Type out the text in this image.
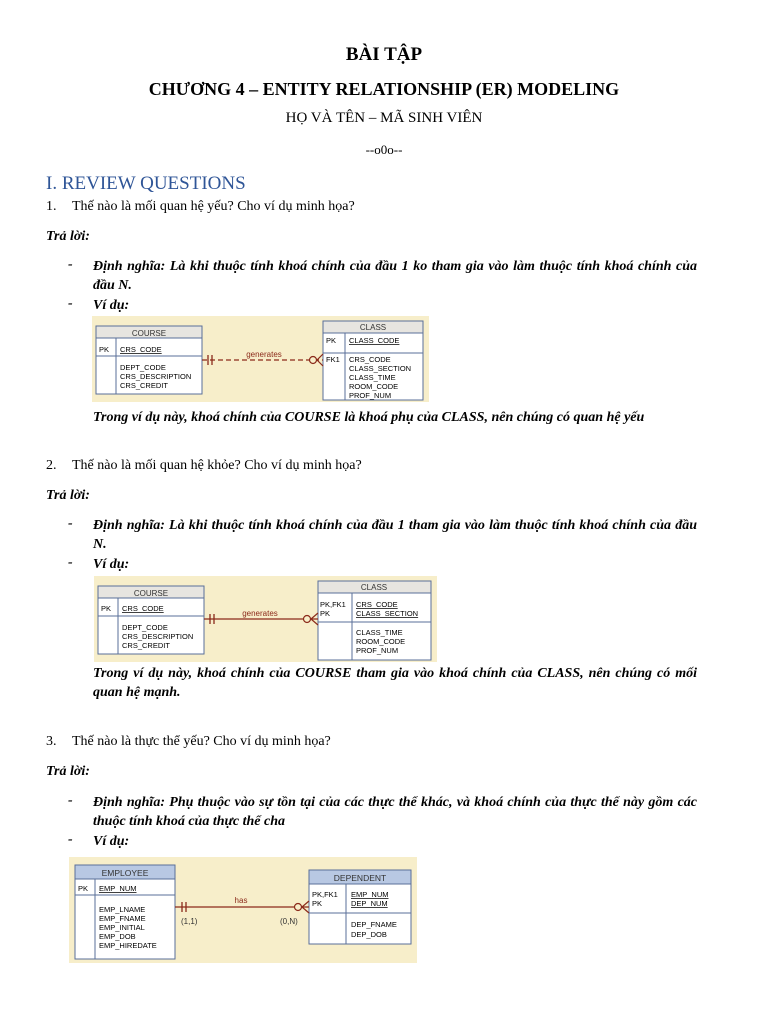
BÀI TẬP
CHƯƠNG 4 – ENTITY RELATIONSHIP (ER) MODELING
HỌ VÀ TÊN – MÃ SINH VIÊN
--o0o--
I. REVIEW QUESTIONS
1. Thế nào là mối quan hệ yếu? Cho ví dụ minh họa?
Trả lời:
- Định nghĩa: Là khi thuộc tính khoá chính của đầu 1 ko tham gia vào làm thuộc tính khoá chính của đầu N.
- Ví dụ:
COURSE
PK CRS_CODE
DEPT_CODE
CRS_DESCRIPTION
CRS_CREDIT
CLASS
PK CLASS_CODE
FK1 CRS_CODE
CLASS_SECTION
CLASS_TIME
ROOM_CODE
PROF_NUM
generates
Trong ví dụ này, khoá chính của COURSE là khoá phụ của CLASS, nên chúng có quan hệ yếu
2. Thế nào là mối quan hệ khỏe? Cho ví dụ minh họa?
Trả lời:
- Định nghĩa: Là khi thuộc tính khoá chính của đầu 1 tham gia vào làm thuộc tính khoá chính của đầu N.
- Ví dụ:
COURSE
PK CRS_CODE
DEPT_CODE
CRS_DESCRIPTION
CRS_CREDIT
CLASS
PK,FK1
PK
CRS_CODE
CLASS_SECTION
CLASS_TIME
ROOM_CODE
PROF_NUM
generates
Trong ví dụ này, khoá chính của COURSE tham gia vào khoá chính của CLASS, nên chúng có mối quan hệ mạnh.
3. Thế nào là thực thể yếu? Cho ví dụ minh họa?
Trả lời:
- Định nghĩa: Phụ thuộc vào sự tồn tại của các thực thể khác, và khoá chính của thực thể này gồm các thuộc tính khoá của thực thể cha
- Ví dụ:
EMPLOYEE
PK EMP_NUM
EMP_LNAME
EMP_FNAME
EMP_INITIAL
EMP_DOB
EMP_HIREDATE
DEPENDENT
PK,FK1
PK
EMP_NUM
DEP_NUM
DEP_FNAME
DEP_DOB
has
(1,1)	(0,N)
